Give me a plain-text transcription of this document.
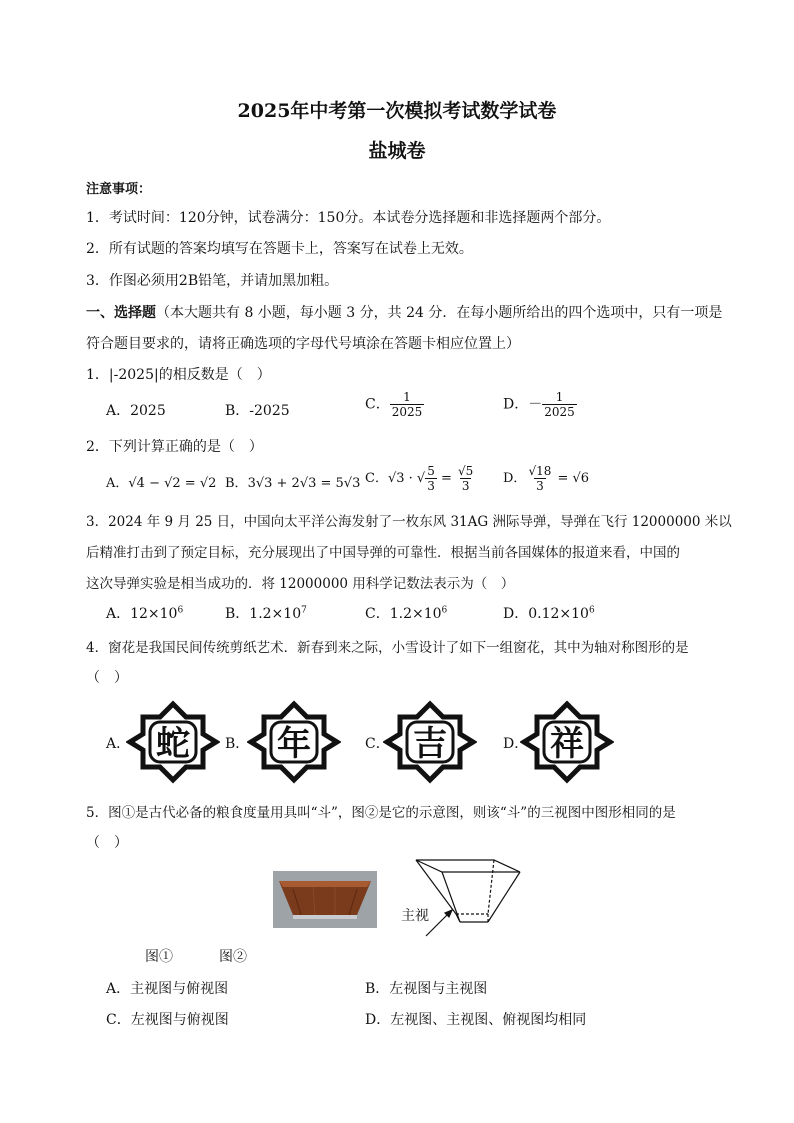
2025年中考第一次模拟考试数学试卷
盐城卷
注意事项：
1．考试时间：120分钟，试卷满分：150分。本试卷分选择题和非选择题两个部分。
2．所有试题的答案均填写在答题卡上，答案写在试卷上无效。
3．作图必须用2B铅笔，并请加黑加粗。
一、选择题（本大题共有 8 小题，每小题 3 分，共 24 分．在每小题所给出的四个选项中，只有一项是
符合题目要求的，请将正确选项的字母代号填涂在答题卡相应位置上）
1．|-2025|的相反数是（　）
A．2025	B．-2025	C． $\frac{1}{2025}$	D．－ $\frac{1}{2025}$
2．下列计算正确的是（　）
A．√4 − √2 = √2 B．3√3 + 2√3 = 5√3 C．√3 · √ $\frac{5}{3} = \frac{√5}{3}$ D． $\frac{√18}{3} = √6$
3．2024 年 9 月 25 日，中国向太平洋公海发射了一枚东风 31AG 洲际导弹，导弹在飞行 12000000 米以
后精准打击到了预定目标，充分展现出了中国导弹的可靠性．根据当前各国媒体的报道来看，中国的
这次导弹实验是相当成功的．将 12000000 用科学记数法表示为（　）
A．$12\times 10^6$	B．$1.2\times 10^7$	C．$1.2\times 10^6$	D．$0.12\times 10^6$
4．窗花是我国民间传统剪纸艺术．新春到来之际，小雪设计了如下一组窗花，其中为轴对称图形的是
（　）
A．	B．	C．	D．
蛇	年	吉	祥
5．图①是古代必备的粮食度量用具叫“斗”，图②是它的示意图，则该“斗”的三视图中图形相同的是
（　）
主视
图①	图②
A．主视图与俯视图	B．左视图与主视图
C．左视图与俯视图	D．左视图、主视图、俯视图均相同
